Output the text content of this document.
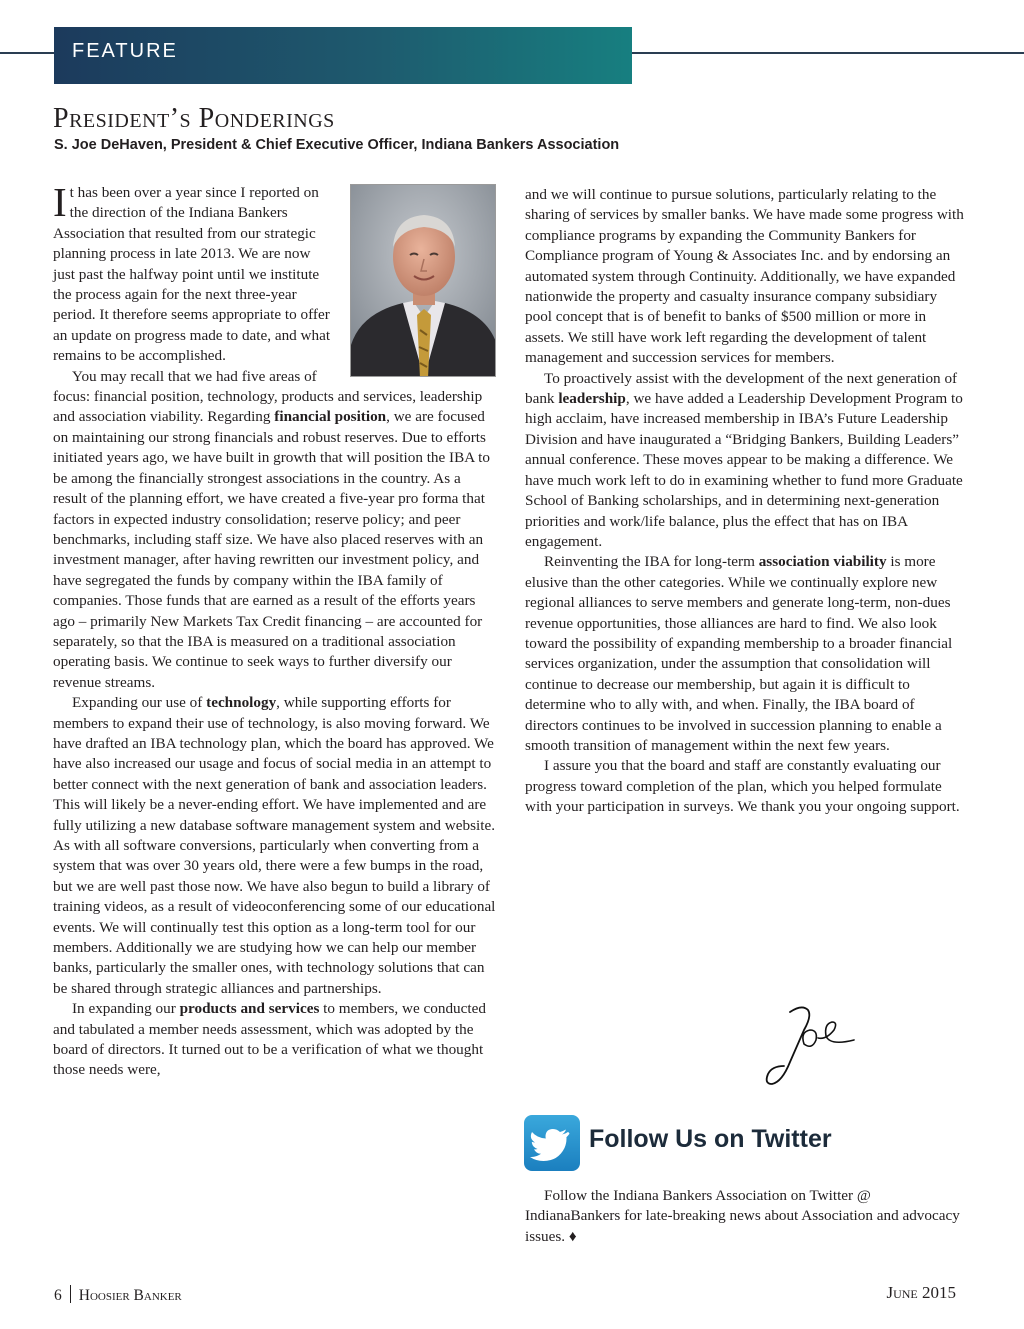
FEATURE
President’s Ponderings
S. Joe DeHaven, President & Chief Executive Officer, Indiana Bankers Association

It has been over a year since I reported on the direction of the Indiana Bankers Association that resulted from our strategic planning process in late 2013. We are now just past the halfway point until we institute the process again for the next three-year period. It therefore seems appropriate to offer an update on progress made to date, and what remains to be accomplished.

You may recall that we had five areas of focus: financial position, technology, products and services, leadership and association viability. Regarding financial position, we are focused on maintaining our strong financials and robust reserves. Due to efforts initiated years ago, we have built in growth that will position the IBA to be among the financially strongest associations in the country. As a result of the planning effort, we have created a five-year pro forma that factors in expected industry consolidation; reserve policy; and peer benchmarks, including staff size. We have also placed reserves with an investment manager, after having rewritten our investment policy, and have segregated the funds by company within the IBA family of companies. Those funds that are earned as a result of the efforts years ago – primarily New Markets Tax Credit financing – are accounted for separately, so that the IBA is measured on a traditional association operating basis. We continue to seek ways to further diversify our revenue streams.

Expanding our use of technology, while supporting efforts for members to expand their use of technology, is also moving forward. We have drafted an IBA technology plan, which the board has approved. We have also increased our usage and focus of social media in an attempt to better connect with the next generation of bank and association leaders. This will likely be a never-ending effort. We have implemented and are fully utilizing a new database software management system and website. As with all software conversions, particularly when converting from a system that was over 30 years old, there were a few bumps in the road, but we are well past those now. We have also begun to build a library of training videos, as a result of videoconferencing some of our educational events. We will continually test this option as a long-term tool for our members. Additionally we are studying how we can help our member banks, particularly the smaller ones, with technology solutions that can be shared through strategic alliances and partnerships.

In expanding our products and services to members, we conducted and tabulated a member needs assessment, which was adopted by the board of directors. It turned out to be a verification of what we thought those needs were,

and we will continue to pursue solutions, particularly relating to the sharing of services by smaller banks. We have made some progress with compliance programs by expanding the Community Bankers for Compliance program of Young & Associates Inc. and by endorsing an automated system through Continuity. Additionally, we have expanded nationwide the property and casualty insurance company subsidiary pool concept that is of benefit to banks of $500 million or more in assets. We still have work left regarding the development of talent management and succession services for members.

To proactively assist with the development of the next generation of bank leadership, we have added a Leadership Development Program to high acclaim, have increased membership in IBA’s Future Leadership Division and have inaugurated a “Bridging Bankers, Building Leaders” annual conference. These moves appear to be making a difference. We have much work left to do in examining whether to fund more Graduate School of Banking scholarships, and in determining next-generation priorities and work/life balance, plus the effect that has on IBA engagement.

Reinventing the IBA for long-term association viability is more elusive than the other categories. While we continually explore new regional alliances to serve members and generate long-term, non-dues revenue opportunities, those alliances are hard to find. We also look toward the possibility of expanding membership to a broader financial services organization, under the assumption that consolidation will continue to decrease our membership, but again it is difficult to determine who to ally with, and when. Finally, the IBA board of directors continues to be involved in succession planning to enable a smooth transition of management within the next few years.

I assure you that the board and staff are constantly evaluating our progress toward completion of the plan, which you helped formulate with your participation in surveys. We thank you your ongoing support.

Follow Us on Twitter

Follow the Indiana Bankers Association on Twitter @ IndianaBankers for late-breaking news about Association and advocacy issues. ♦

6 Hoosier Banker	June 2015
